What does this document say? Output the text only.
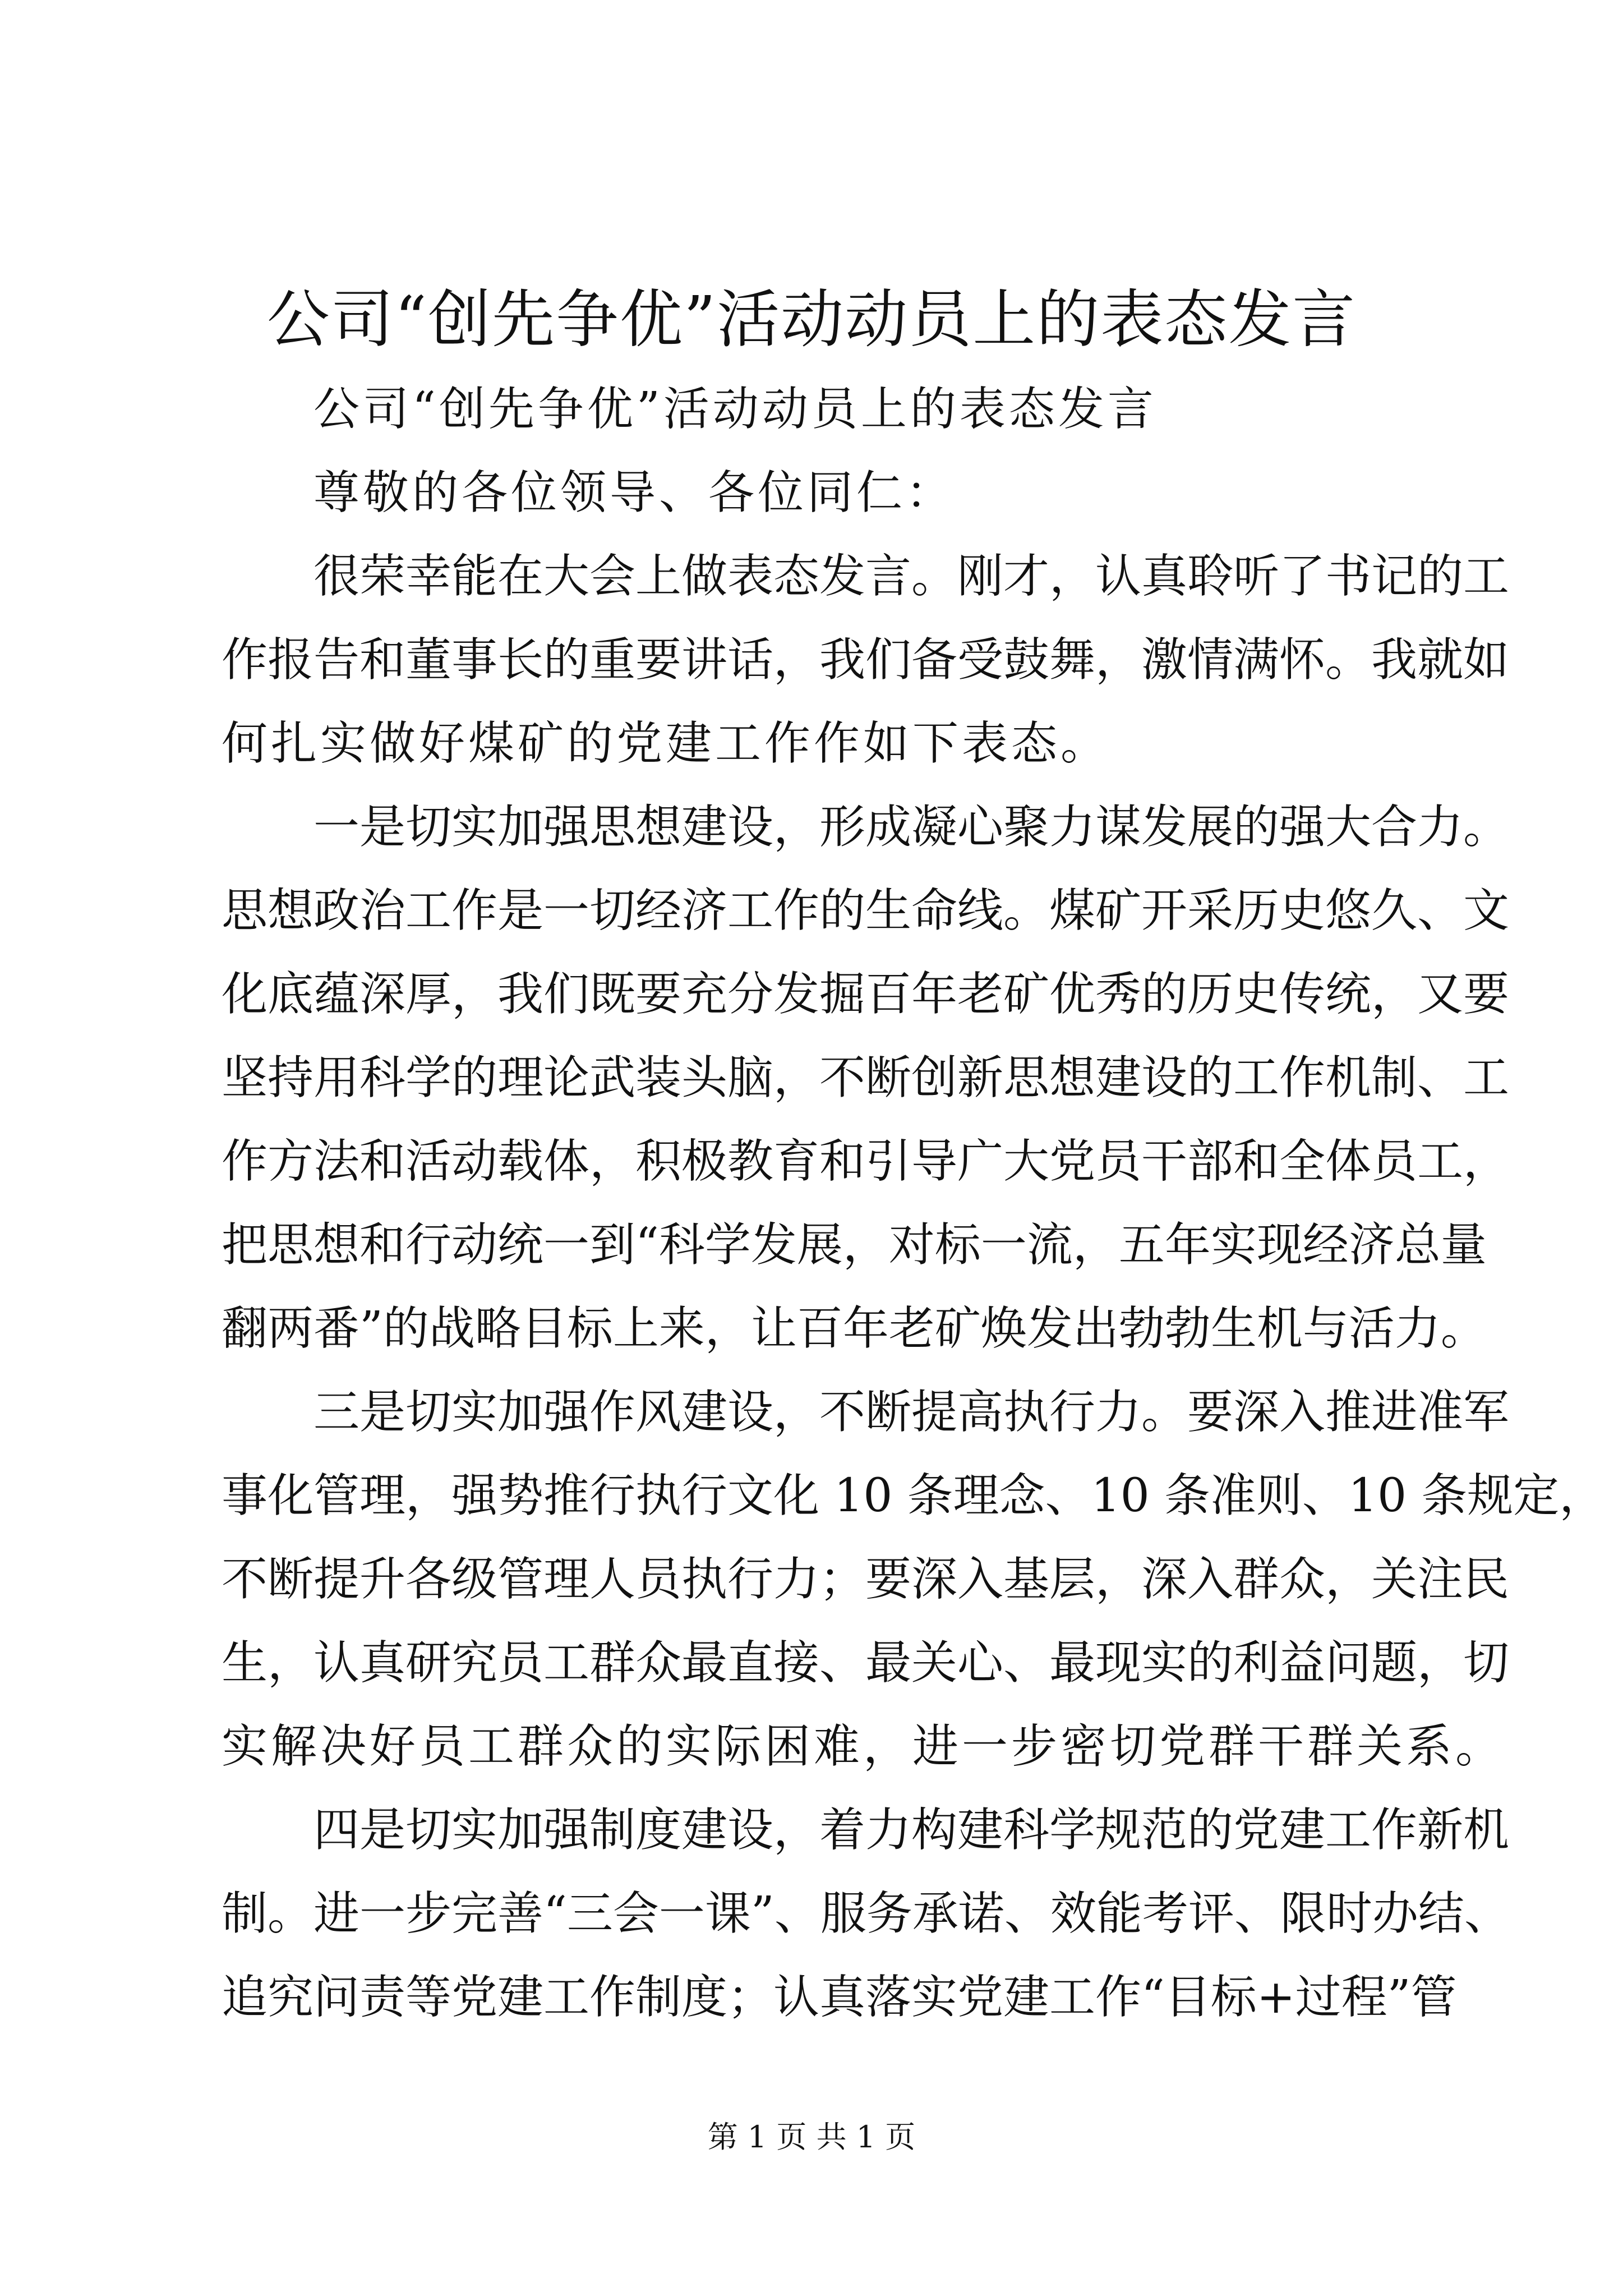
公司“创先争优”活动动员上的表态发言
公司“创先争优”活动动员上的表态发言
尊敬的各位领导、各位同仁：
很荣幸能在大会上做表态发言。刚才，认真聆听了书记的工
作报告和董事长的重要讲话，我们备受鼓舞，激情满怀。我就如
何扎实做好煤矿的党建工作作如下表态。
一是切实加强思想建设，形成凝心聚力谋发展的强大合力。
思想政治工作是一切经济工作的生命线。煤矿开采历史悠久、文
化底蕴深厚，我们既要充分发掘百年老矿优秀的历史传统，又要
坚持用科学的理论武装头脑，不断创新思想建设的工作机制、工
作方法和活动载体，积极教育和引导广大党员干部和全体员工，
把思想和行动统一到“科学发展，对标一流，五年实现经济总量
翻两番”的战略目标上来，让百年老矿焕发出勃勃生机与活力。
三是切实加强作风建设，不断提高执行力。要深入推进准军
事化管理，强势推行执行文化 10 条理念、10 条准则、10 条规定，
不断提升各级管理人员执行力；要深入基层，深入群众，关注民
生，认真研究员工群众最直接、最关心、最现实的利益问题，切
实解决好员工群众的实际困难，进一步密切党群干群关系。
四是切实加强制度建设，着力构建科学规范的党建工作新机
制。进一步完善“三会一课”、服务承诺、效能考评、限时办结、
追究问责等党建工作制度；认真落实党建工作“目标+过程”管
第 1 页 共 1 页
